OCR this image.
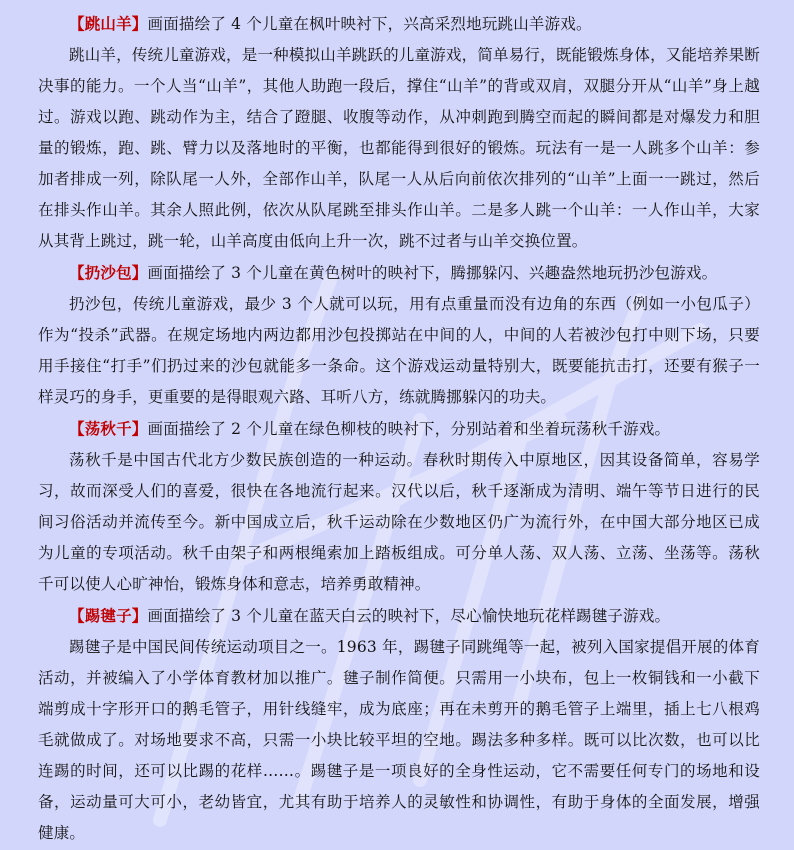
【跳山羊】画面描绘了 4 个儿童在枫叶映衬下，兴高采烈地玩跳山羊游戏。

跳山羊，传统儿童游戏，是一种模拟山羊跳跃的儿童游戏，简单易行，既能锻炼身体，又能培养果断决事的能力。一个人当“山羊”，其他人助跑一段后，撑住“山羊”的背或双肩，双腿分开从“山羊”身上越过。游戏以跑、跳动作为主，结合了蹬腿、收腹等动作，从冲刺跑到腾空而起的瞬间都是对爆发力和胆量的锻炼，跑、跳、臂力以及落地时的平衡，也都能得到很好的锻炼。玩法有一是一人跳多个山羊：参加者排成一列，除队尾一人外，全部作山羊，队尾一人从后向前依次排列的“山羊”上面一一跳过，然后在排头作山羊。其余人照此例，依次从队尾跳至排头作山羊。二是多人跳一个山羊：一人作山羊，大家从其背上跳过，跳一轮，山羊高度由低向上升一次，跳不过者与山羊交换位置。

【扔沙包】画面描绘了 3 个儿童在黄色树叶的映衬下，腾挪躲闪、兴趣盎然地玩扔沙包游戏。

扔沙包，传统儿童游戏，最少 3 个人就可以玩，用有点重量而没有边角的东西（例如一小包瓜子）作为“投杀”武器。在规定场地内两边都用沙包投掷站在中间的人，中间的人若被沙包打中则下场，只要用手接住“打手”们扔过来的沙包就能多一条命。这个游戏运动量特别大，既要能抗击打，还要有猴子一样灵巧的身手，更重要的是得眼观六路、耳听八方，练就腾挪躲闪的功夫。

【荡秋千】画面描绘了 2 个儿童在绿色柳枝的映衬下，分别站着和坐着玩荡秋千游戏。

荡秋千是中国古代北方少数民族创造的一种运动。春秋时期传入中原地区，因其设备简单，容易学习，故而深受人们的喜爱，很快在各地流行起来。汉代以后，秋千逐渐成为清明、端午等节日进行的民间习俗活动并流传至今。新中国成立后，秋千运动除在少数地区仍广为流行外，在中国大部分地区已成为儿童的专项活动。秋千由架子和两根绳索加上踏板组成。可分单人荡、双人荡、立荡、坐荡等。荡秋千可以使人心旷神怡，锻炼身体和意志，培养勇敢精神。

【踢毽子】画面描绘了 3 个儿童在蓝天白云的映衬下，尽心愉快地玩花样踢毽子游戏。

踢毽子是中国民间传统运动项目之一。1963 年，踢毽子同跳绳等一起，被列入国家提倡开展的体育活动，并被编入了小学体育教材加以推广。毽子制作简便。只需用一小块布，包上一枚铜钱和一小截下端剪成十字形开口的鹅毛管子，用针线缝牢，成为底座；再在未剪开的鹅毛管子上端里，插上七八根鸡毛就做成了。对场地要求不高，只需一小块比较平坦的空地。踢法多种多样。既可以比次数，也可以比连踢的时间，还可以比踢的花样……。踢毽子是一项良好的全身性运动，它不需要任何专门的场地和设备，运动量可大可小，老幼皆宜，尤其有助于培养人的灵敏性和协调性，有助于身体的全面发展，增强健康。
